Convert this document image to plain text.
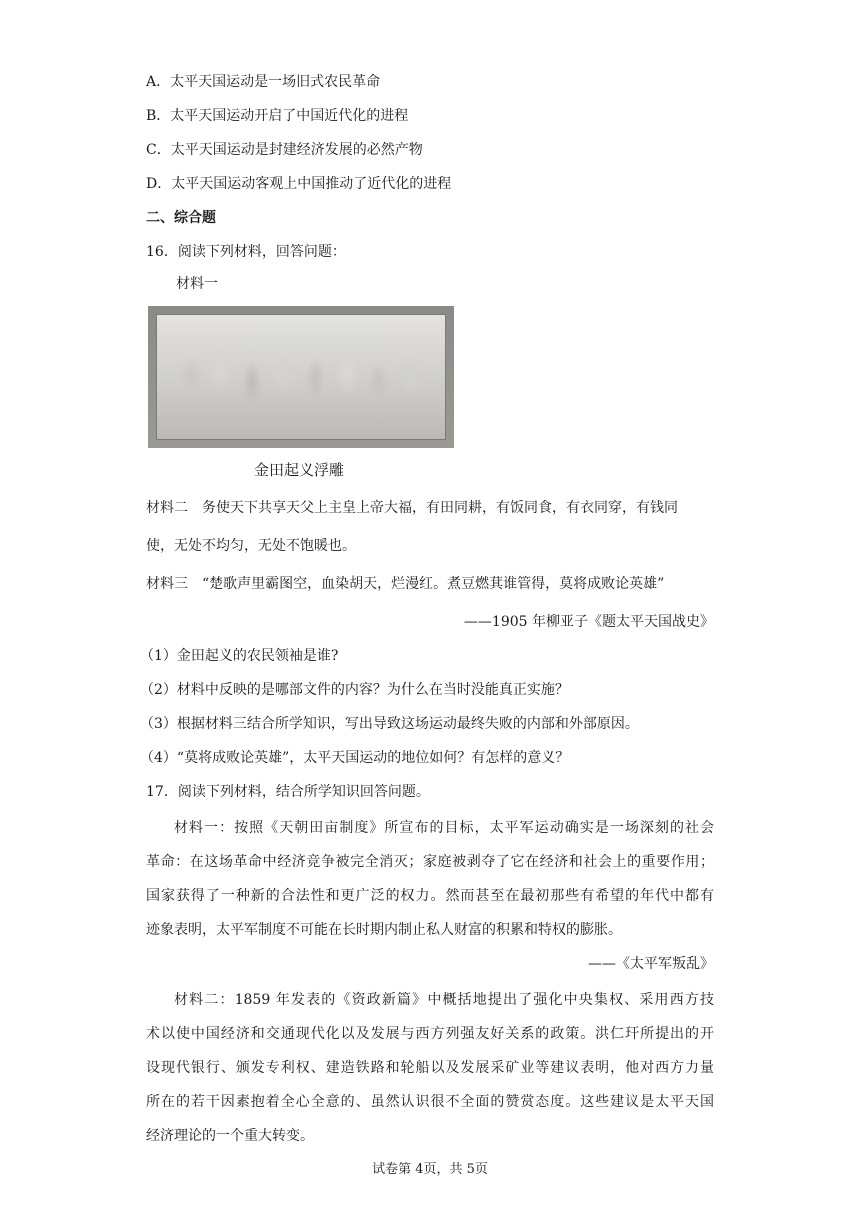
A．太平天国运动是一场旧式农民革命
B．太平天国运动开启了中国近代化的进程
C．太平天国运动是封建经济发展的必然产物
D．太平天国运动客观上中国推动了近代化的进程
二、综合题
16．阅读下列材料，回答问题：
材料一
金田起义浮雕
材料二　务使天下共享天父上主皇上帝大福，有田同耕，有饭同食，有衣同穿，有钱同
使，无处不均匀，无处不饱暖也。
材料三　“楚歌声里霸图空，血染胡天，烂漫红。煮豆燃萁谁管得，莫将成败论英雄”
——1905 年柳亚子《题太平天国战史》
（1）金田起义的农民领袖是谁?
（2）材料中反映的是哪部文件的内容？为什么在当时没能真正实施？
（3）根据材料三结合所学知识，写出导致这场运动最终失败的内部和外部原因。
（4）“莫将成败论英雄”，太平天国运动的地位如何？有怎样的意义？
17．阅读下列材料，结合所学知识回答问题。
材料一：按照《天朝田亩制度》所宣布的目标，太平军运动确实是一场深刻的社会
革命：在这场革命中经济竞争被完全消灭；家庭被剥夺了它在经济和社会上的重要作用；
国家获得了一种新的合法性和更广泛的权力。然而甚至在最初那些有希望的年代中都有
迹象表明，太平军制度不可能在长时期内制止私人财富的积累和特权的膨胀。
——《太平军叛乱》
材料二：1859 年发表的《资政新篇》中概括地提出了强化中央集权、采用西方技
术以使中国经济和交通现代化以及发展与西方列强友好关系的政策。洪仁玕所提出的开
设现代银行、颁发专利权、建造铁路和轮船以及发展采矿业等建议表明，他对西方力量
所在的若干因素抱着全心全意的、虽然认识很不全面的赞赏态度。这些建议是太平天国
经济理论的一个重大转变。
试卷第 4页，共 5页
